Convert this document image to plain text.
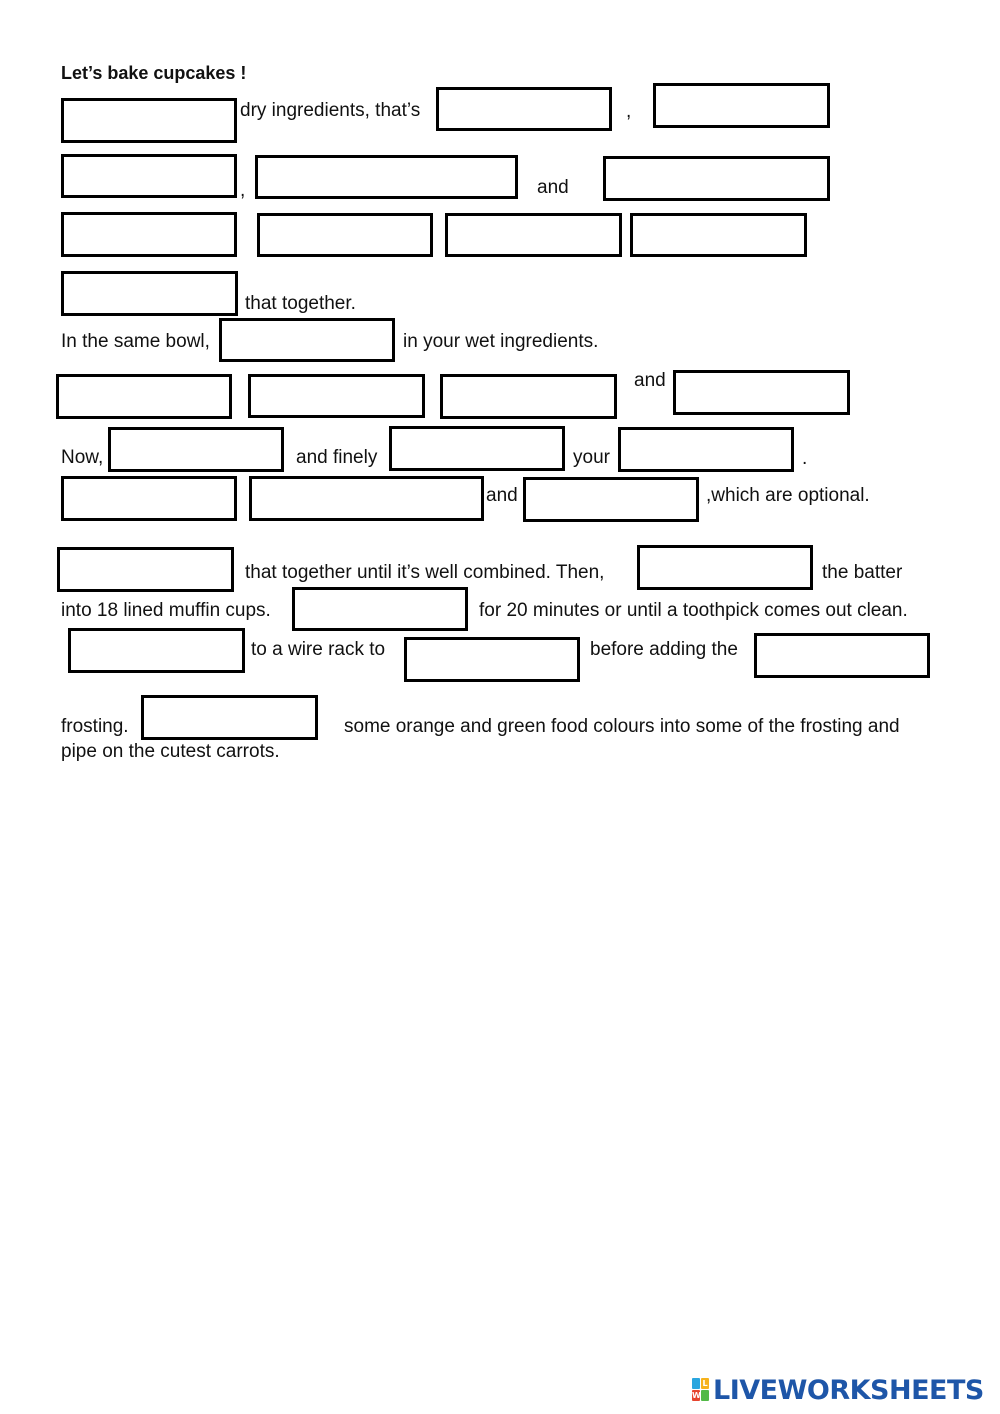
Let’s bake cupcakes !
dry ingredients, that’s	,
,	and
that together.
In the same bowl,	in your wet ingredients.
and
Now,	and finely	your	.
and	,which are optional.
that together until it’s well combined. Then,	the batter
into 18 lined muffin cups.	for 20 minutes or until a toothpick comes out clean.
to a wire rack to	before adding the
frosting.	some orange and green food colours into some of the frosting and
pipe on the cutest carrots.
L
W LIVEWORKSHEETS
